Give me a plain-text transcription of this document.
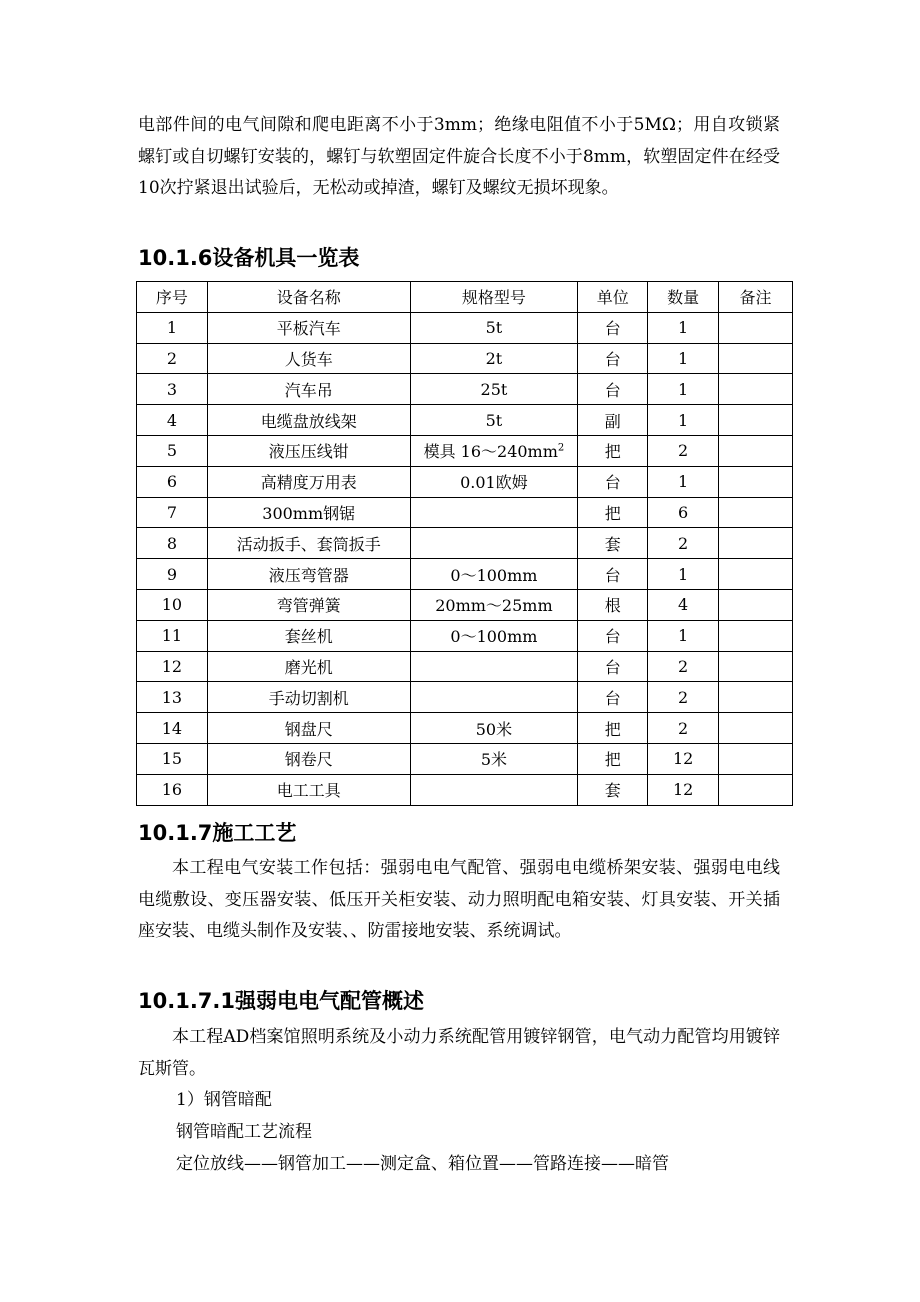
电部件间的电气间隙和爬电距离不小于3mm；绝缘电阻值不小于5MΩ；用自攻锁紧螺钉或自切螺钉安装的，螺钉与软塑固定件旋合长度不小于8mm，软塑固定件在经受10次拧紧退出试验后，无松动或掉渣，螺钉及螺纹无损坏现象。

10.1.6设备机具一览表
序号	设备名称	规格型号	单位	数量	备注
1	平板汽车	5t	台	1	
2	人货车	2t	台	1	
3	汽车吊	25t	台	1	
4	电缆盘放线架	5t	副	1	
5	液压压线钳	模具 $16\sim 240mm^2$	把	2	
6	高精度万用表	0.01欧姆	台	1	
7	300mm钢锯		把	6	
8	活动扳手、套筒扳手		套	2	
9	液压弯管器	0～100mm	台	1	
10	弯管弹簧	20mm～25mm	根	4	
11	套丝机	0～100mm	台	1	
12	磨光机		台	2	
13	手动切割机		台	2	
14	钢盘尺	50米	把	2	
15	钢卷尺	5米	把	12	
16	电工工具		套	12	
10.1.7施工工艺

本工程电气安装工作包括：强弱电电气配管、强弱电电缆桥架安装、强弱电电线电缆敷设、变压器安装、低压开关柜安装、动力照明配电箱安装、灯具安装、开关插座安装、电缆头制作及安装、、防雷接地安装、系统调试。

10.1.7.1强弱电电气配管概述

本工程AD档案馆照明系统及小动力系统配管用镀锌钢管，电气动力配管均用镀锌瓦斯管。

1）钢管暗配

钢管暗配工艺流程

定位放线——钢管加工——测定盒、箱位置——管路连接——暗管
